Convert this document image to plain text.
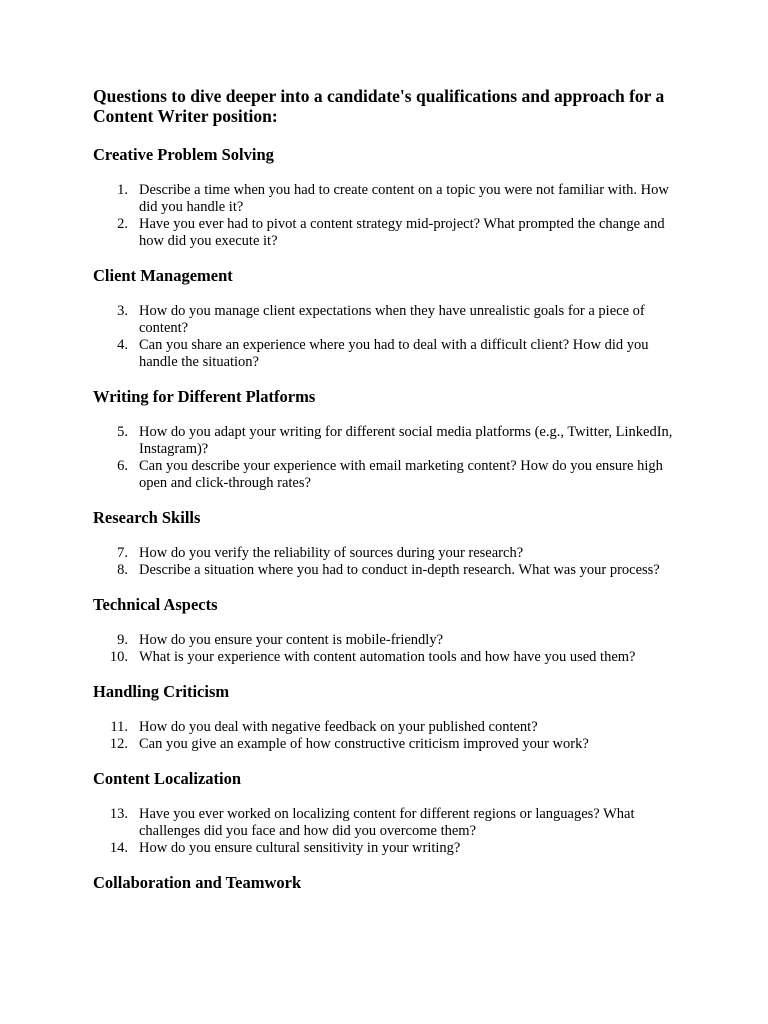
Questions to dive deeper into a candidate's qualifications and approach for a Content Writer position:
Creative Problem Solving
1. Describe a time when you had to create content on a topic you were not familiar with. How did you handle it?
2. Have you ever had to pivot a content strategy mid-project? What prompted the change and how did you execute it?
Client Management
3. How do you manage client expectations when they have unrealistic goals for a piece of content?
4. Can you share an experience where you had to deal with a difficult client? How did you handle the situation?
Writing for Different Platforms
5. How do you adapt your writing for different social media platforms (e.g., Twitter, LinkedIn, Instagram)?
6. Can you describe your experience with email marketing content? How do you ensure high open and click-through rates?
Research Skills
7. How do you verify the reliability of sources during your research?
8. Describe a situation where you had to conduct in-depth research. What was your process?
Technical Aspects
9. How do you ensure your content is mobile-friendly?
10. What is your experience with content automation tools and how have you used them?
Handling Criticism
11. How do you deal with negative feedback on your published content?
12. Can you give an example of how constructive criticism improved your work?
Content Localization
13. Have you ever worked on localizing content for different regions or languages? What challenges did you face and how did you overcome them?
14. How do you ensure cultural sensitivity in your writing?
Collaboration and Teamwork
